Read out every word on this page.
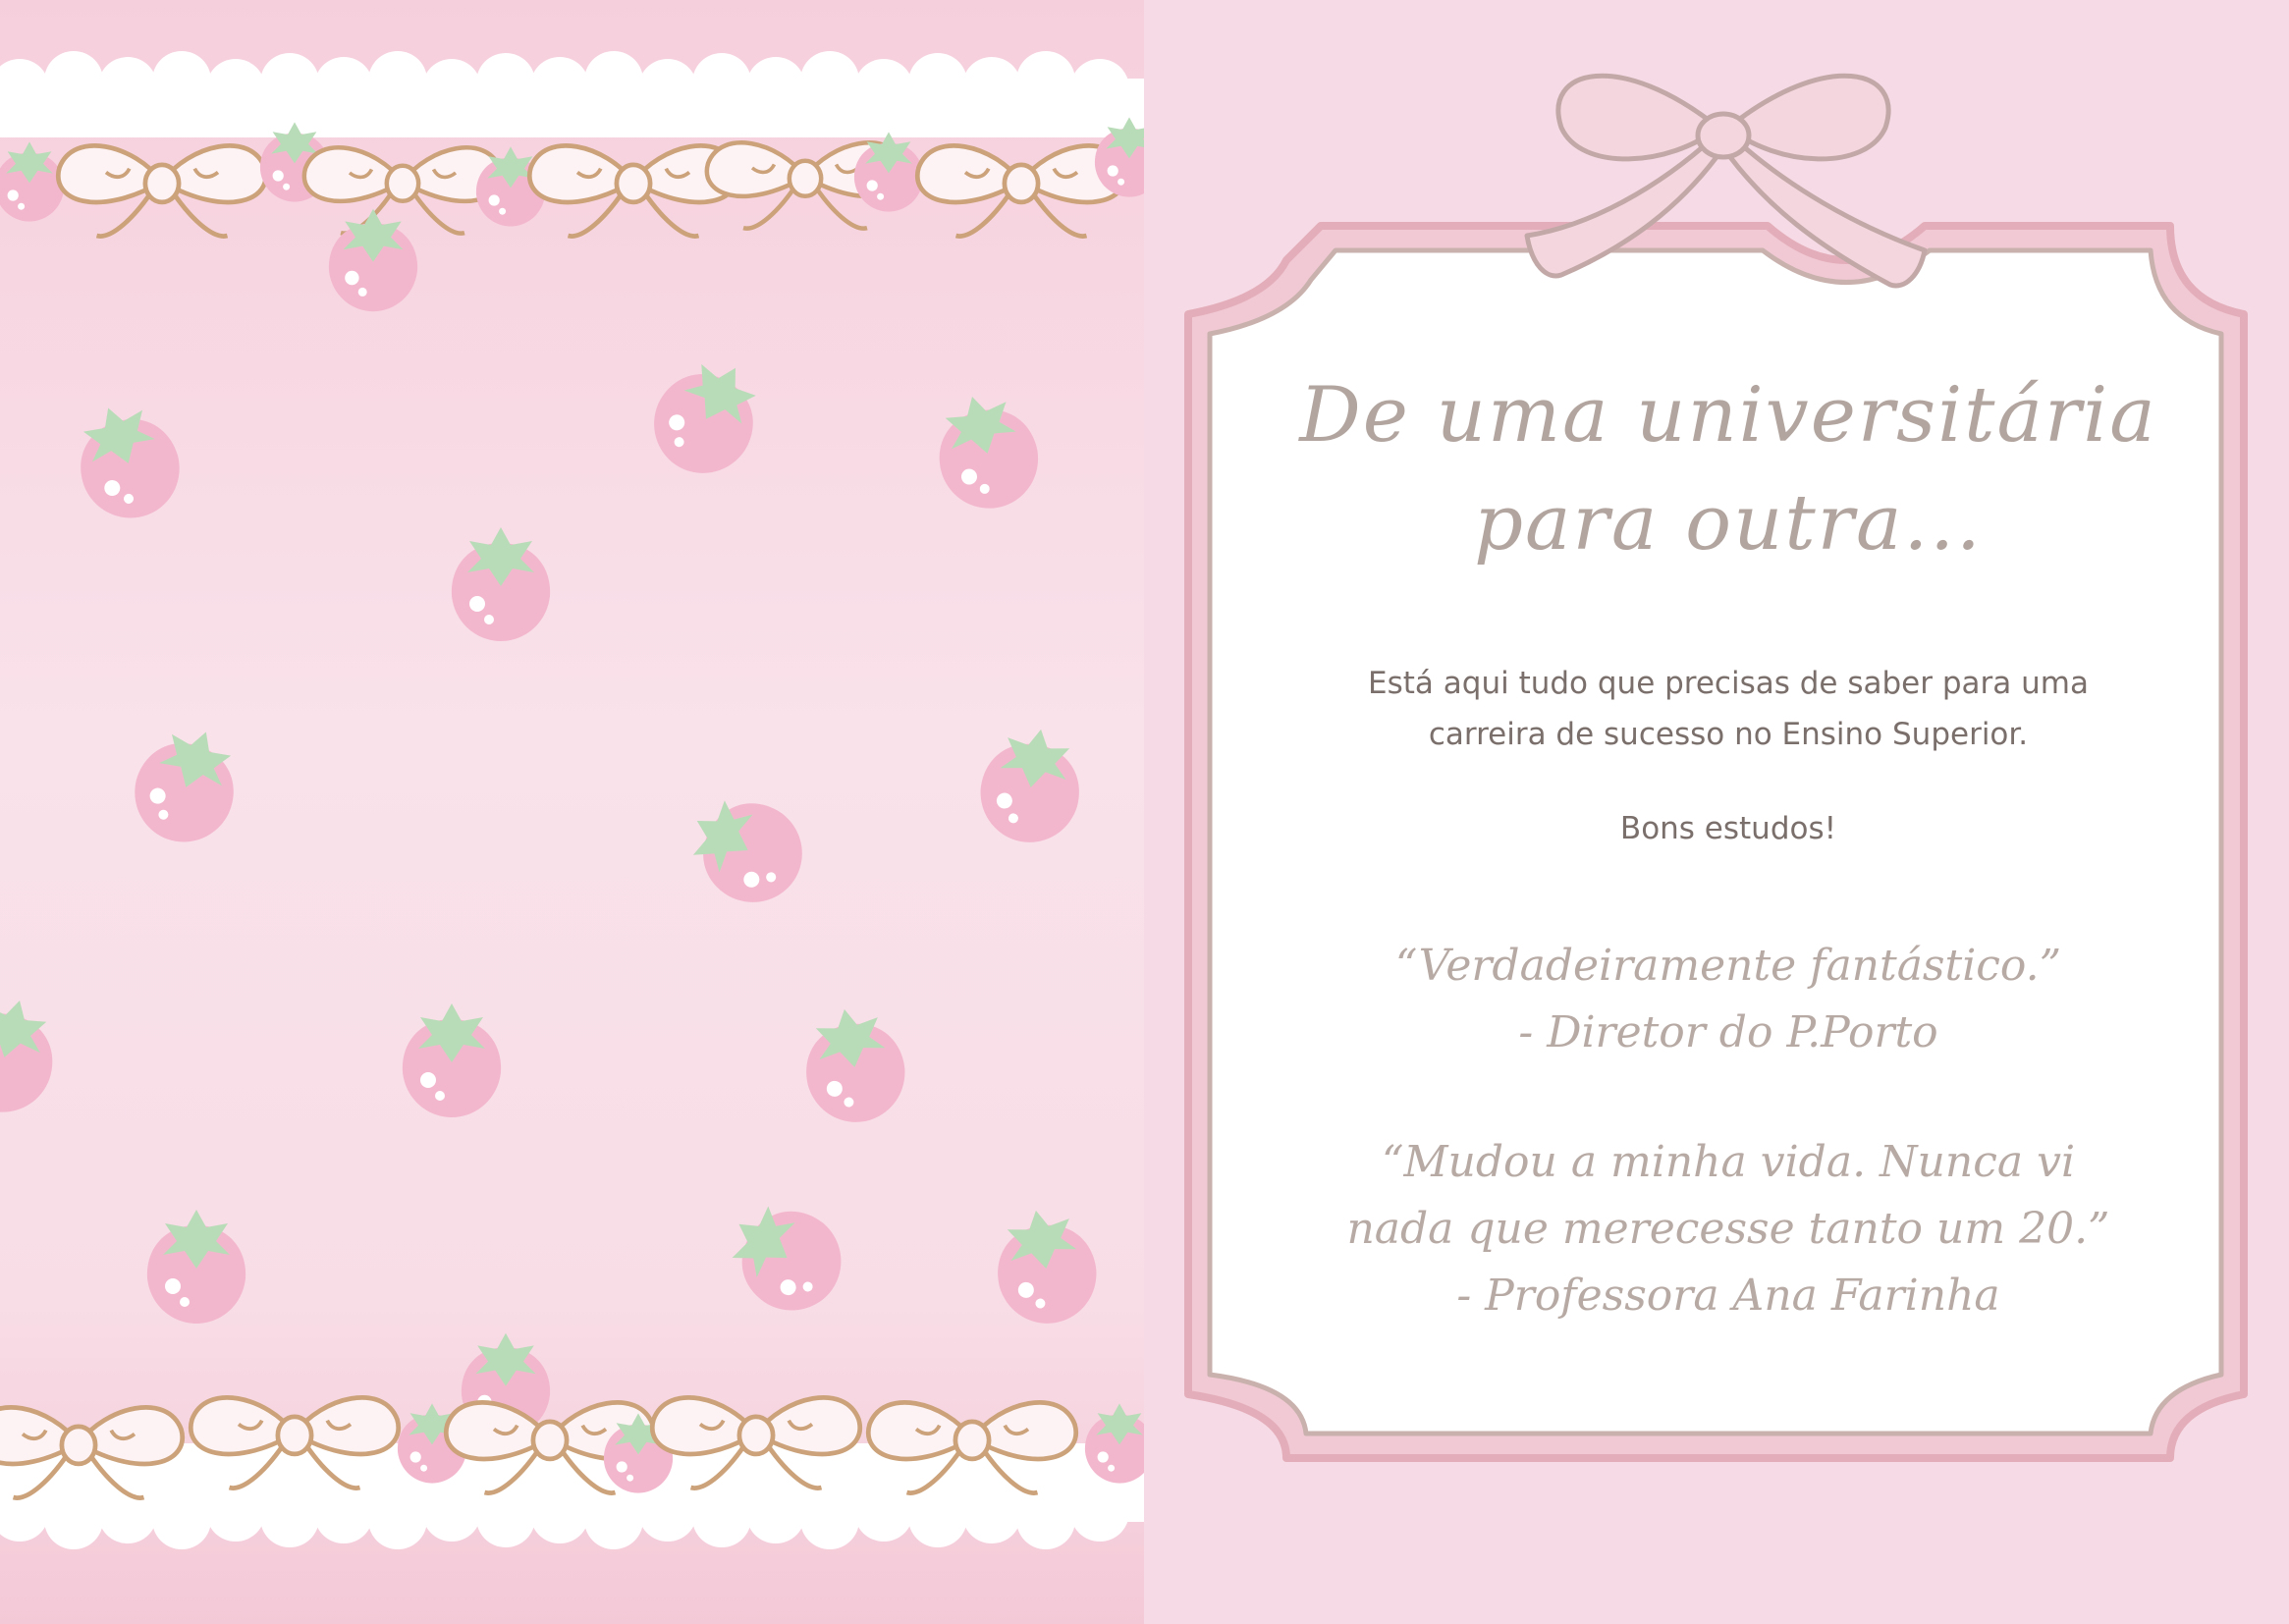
De uma universitária
para outra...
Está aqui tudo que precisas de saber para uma
carreira de sucesso no Ensino Superior.
Bons estudos!
“Verdadeiramente fantástico.”
- Diretor do P.Porto
“Mudou a minha vida. Nunca vi
nada que merecesse tanto um 20.”
- Professora Ana Farinha
